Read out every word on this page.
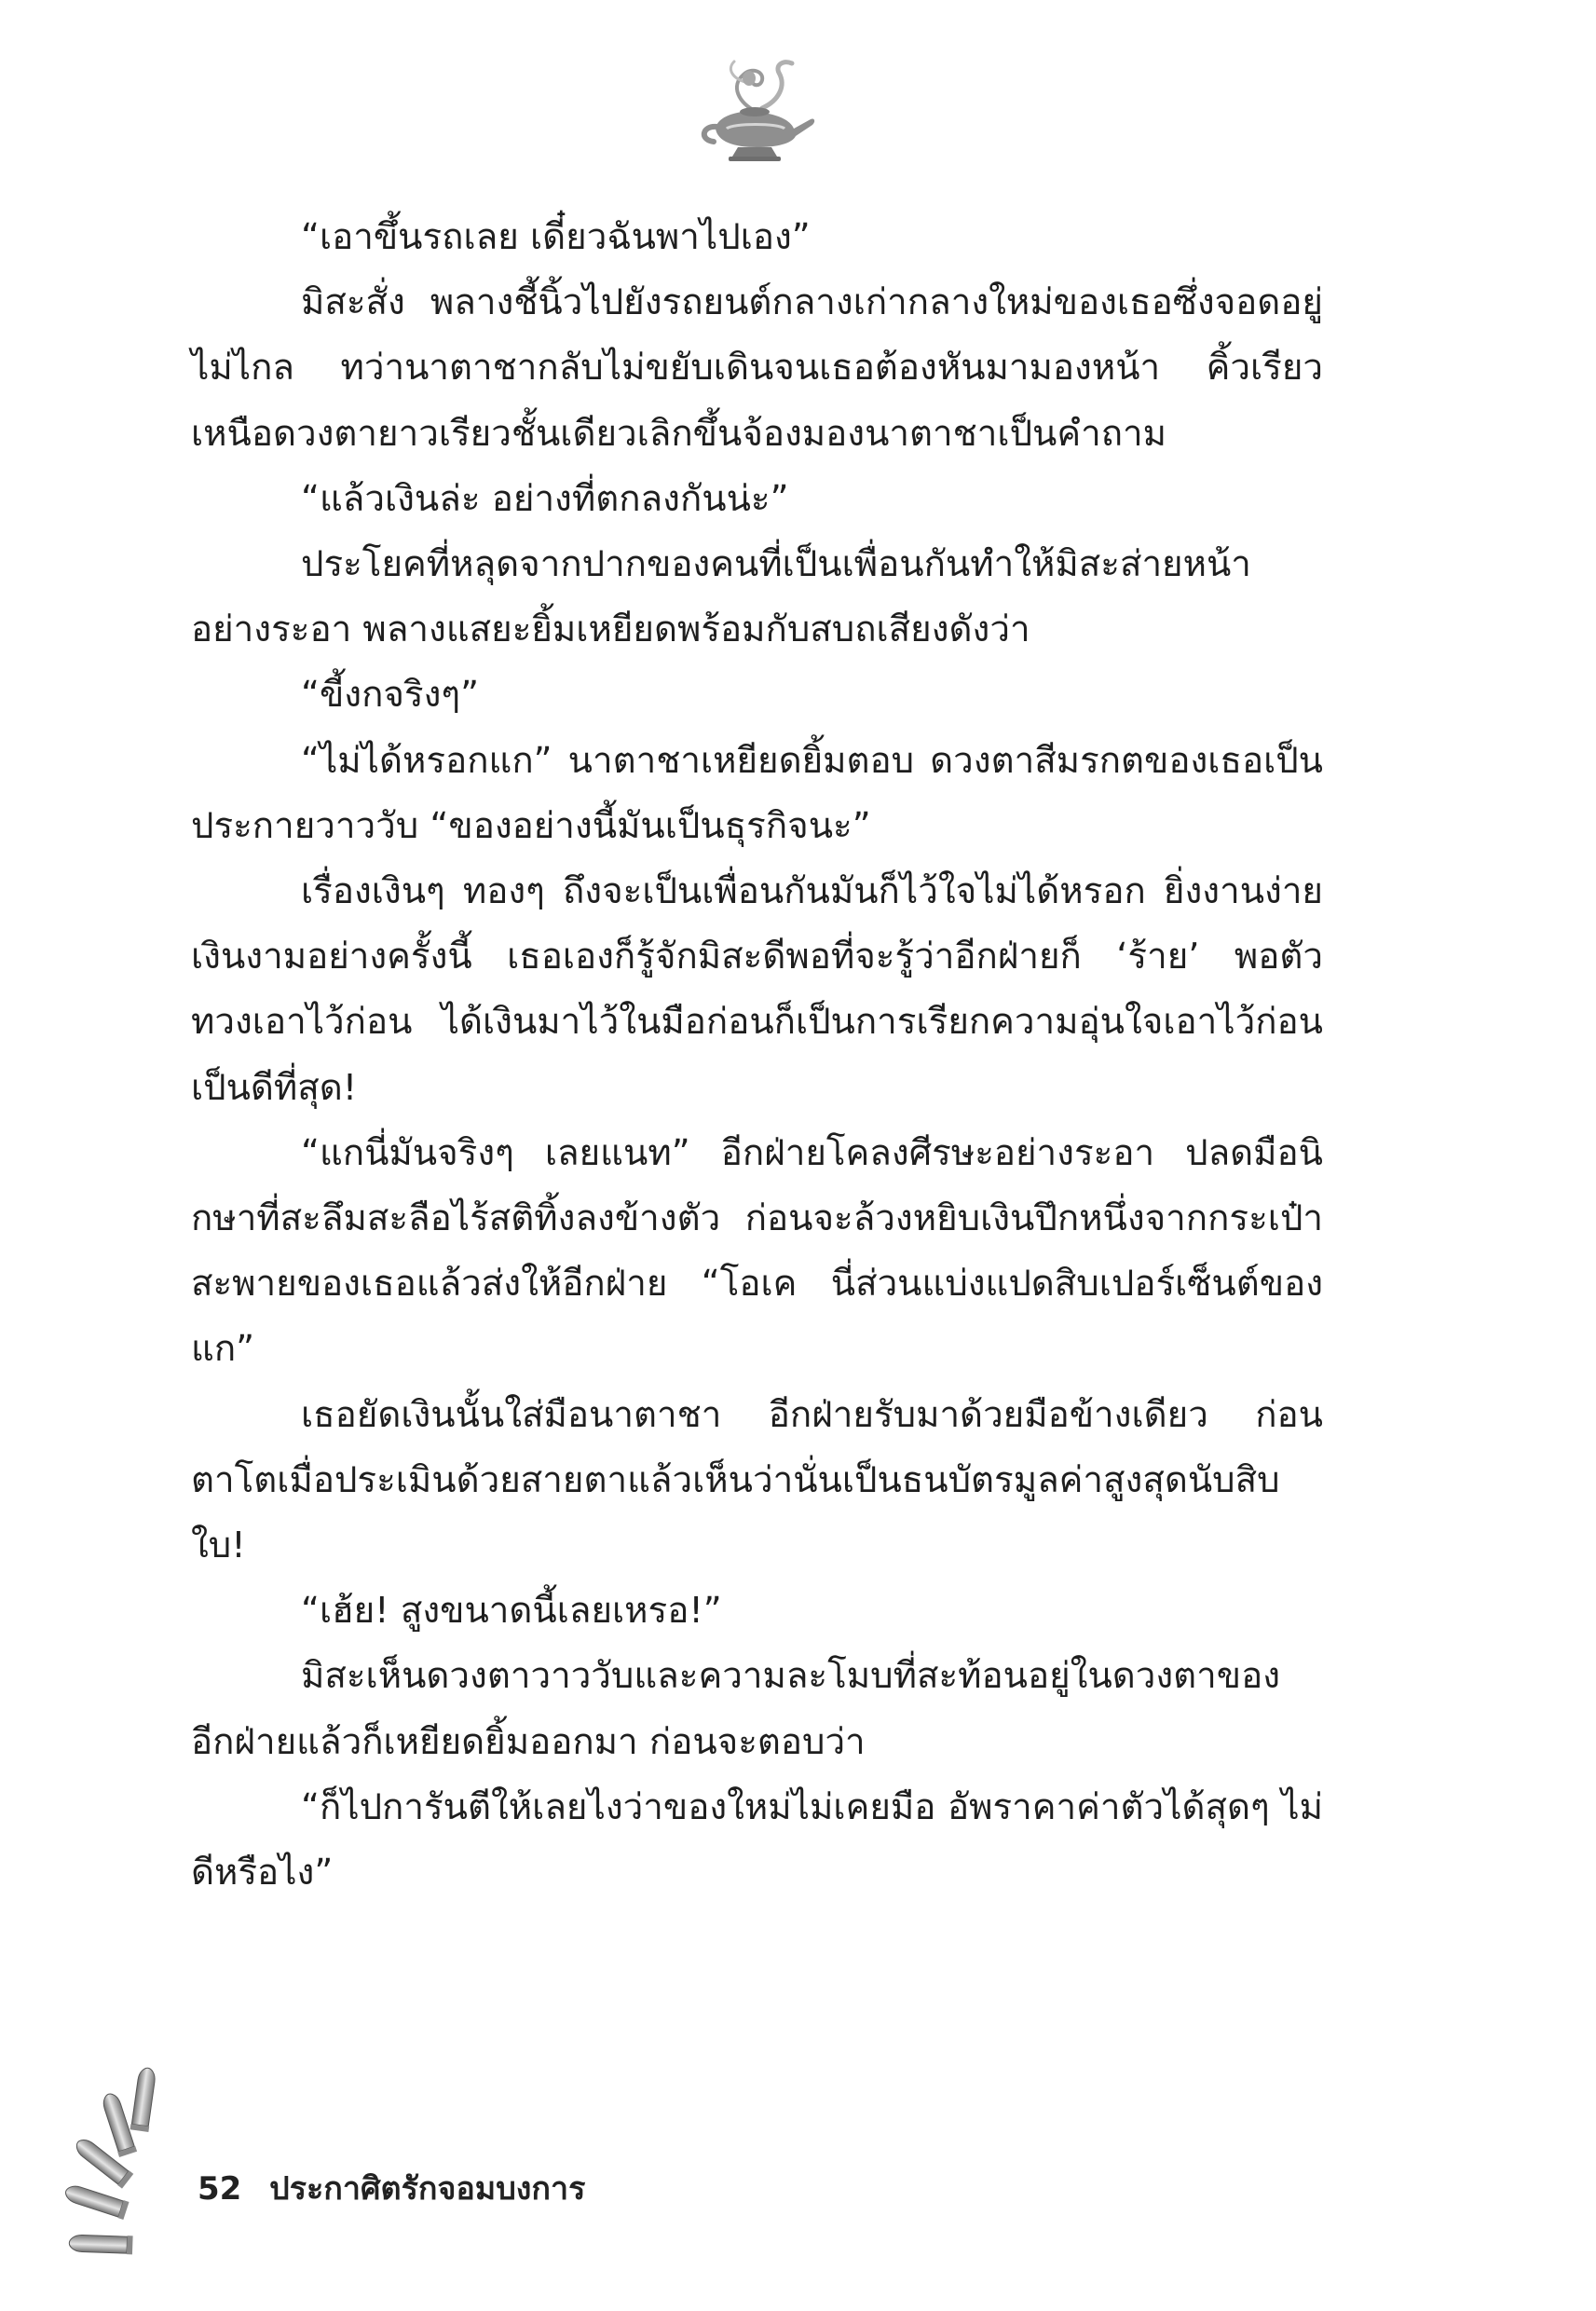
“เอาขึ้นรถเลย เดี๋ยวฉันพาไปเอง”

มิสะสั่ง พลางชี้นิ้วไปยังรถยนต์กลางเก่ากลางใหม่ของเธอซึ่งจอดอยู่ไม่ไกล ทว่านาตาชากลับไม่ขยับเดินจนเธอต้องหันมามองหน้า คิ้วเรียวเหนือดวงตายาวเรียวชั้นเดียวเลิกขึ้นจ้องมองนาตาชาเป็นคำถาม

“แล้วเงินล่ะ อย่างที่ตกลงกันน่ะ”

ประโยคที่หลุดจากปากของคนที่เป็นเพื่อนกันทำให้มิสะส่ายหน้าอย่างระอา พลางแสยะยิ้มเหยียดพร้อมกับสบถเสียงดังว่า

“ขี้งกจริงๆ”

“ไม่ได้หรอกแก” นาตาชาเหยียดยิ้มตอบ ดวงตาสีมรกตของเธอเป็นประกายวาววับ “ของอย่างนี้มันเป็นธุรกิจนะ”

เรื่องเงินๆ ทองๆ ถึงจะเป็นเพื่อนกันมันก็ไว้ใจไม่ได้หรอก ยิ่งงานง่ายเงินงามอย่างครั้งนี้ เธอเองก็รู้จักมิสะดีพอที่จะรู้ว่าอีกฝ่ายก็ ‘ร้าย’ พอตัว ทวงเอาไว้ก่อน ได้เงินมาไว้ในมือก่อนก็เป็นการเรียกความอุ่นใจเอาไว้ก่อนเป็นดีที่สุด!

“แกนี่มันจริงๆ เลยแนท” อีกฝ่ายโคลงศีรษะอย่างระอา ปลดมือนิกษาที่สะลึมสะลือไร้สติทิ้งลงข้างตัว ก่อนจะล้วงหยิบเงินปึกหนึ่งจากกระเป๋าสะพายของเธอแล้วส่งให้อีกฝ่าย “โอเค นี่ส่วนแบ่งแปดสิบเปอร์เซ็นต์ของแก”

เธอยัดเงินนั้นใส่มือนาตาชา อีกฝ่ายรับมาด้วยมือข้างเดียว ก่อนตาโตเมื่อประเมินด้วยสายตาแล้วเห็นว่านั่นเป็นธนบัตรมูลค่าสูงสุดนับสิบใบ!

“เฮ้ย! สูงขนาดนี้เลยเหรอ!”

มิสะเห็นดวงตาวาววับและความละโมบที่สะท้อนอยู่ในดวงตาของอีกฝ่ายแล้วก็เหยียดยิ้มออกมา ก่อนจะตอบว่า

“ก็ไปการันตีให้เลยไงว่าของใหม่ไม่เคยมือ อัพราคาค่าตัวได้สุดๆ ไม่ดีหรือไง”

52 ประกาศิตรักจอมบงการ
